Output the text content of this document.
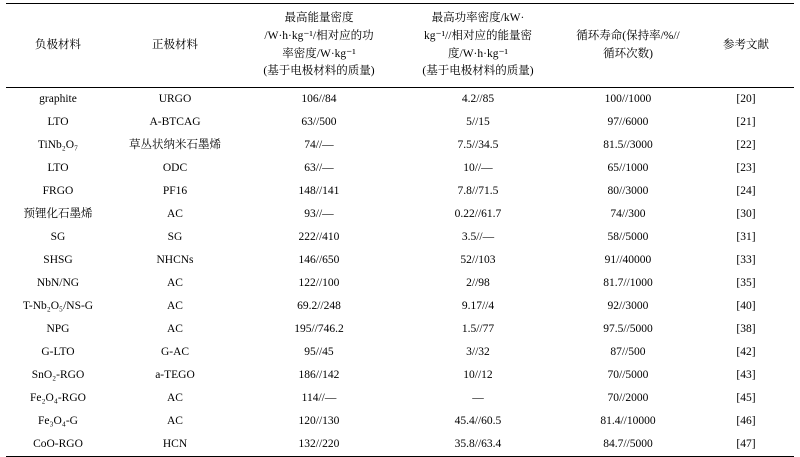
负极材料	正极材料	最高能量密度
/W·h·kg⁻¹/相对应的功
率密度/W·kg⁻¹
(基于电极材料的质量)	最高功率密度/kW·
kg⁻¹//相对应的能量密
度/W·h·kg⁻¹
(基于电极材料的质量)	循环寿命(保持率/%//
循环次数)	参考文献

graphite	URGO	106//84	4.2//85	100//1000	[20]
LTO	A-BTCAG	63//500	5//15	97//6000	[21]
TiNb₂O₇	草丛状纳米石墨烯	74//—	7.5//34.5	81.5//3000	[22]
LTO	ODC	63//—	10//—	65//1000	[23]
FRGO	PF16	148//141	7.8//71.5	80//3000	[24]
预锂化石墨烯	AC	93//—	0.22//61.7	74//300	[30]
SG	SG	222//410	3.5//—	58//5000	[31]
SHSG	NHCNs	146//650	52//103	91//40000	[33]
NbN/NG	AC	122//100	2//98	81.7//1000	[35]
T-Nb₂O₅/NS-G	AC	69.2//248	9.17//4	92//3000	[40]
NPG	AC	195//746.2	1.5//77	97.5//5000	[38]
G-LTO	G-AC	95//45	3//32	87//500	[42]
SnO₂-RGO	a-TEGO	186//142	10//12	70//5000	[43]
Fe₂O₄-RGO	AC	114//—	—	70//2000	[45]
Fe₃O₄-G	AC	120//130	45.4//60.5	81.4//10000	[46]
CoO-RGO	HCN	132//220	35.8//63.4	84.7//5000	[47]
